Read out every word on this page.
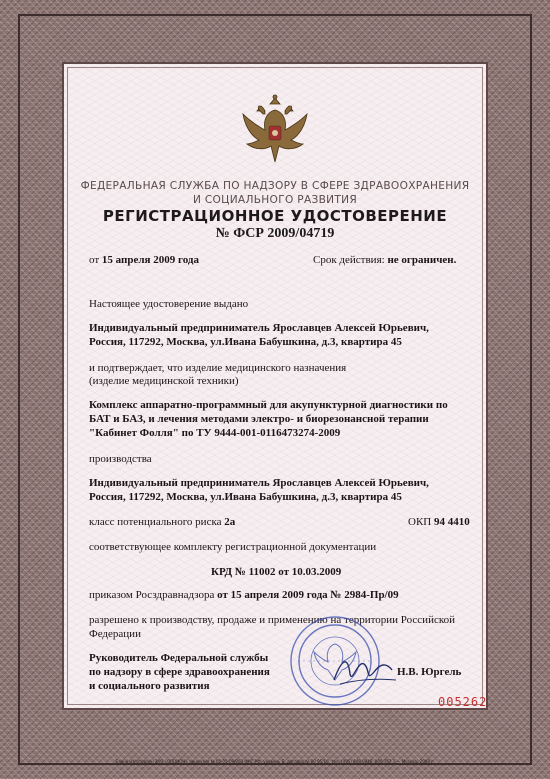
ФЕДЕРАЛЬНАЯ СЛУЖБА ПО НАДЗОРУ В СФЕРЕ ЗДРАВООХРАНЕНИЯ
И СОЦИАЛЬНОГО РАЗВИТИЯ
РЕГИСТРАЦИОННОЕ УДОСТОВЕРЕНИЕ
№ ФСР 2009/04719
от 15 апреля 2009 года	Срок действия: не ограничен.
Настоящее удостоверение выдано
Индивидуальный предприниматель Ярославцев Алексей Юрьевич,
Россия, 117292, Москва, ул.Ивана Бабушкина, д.3, квартира 45
и подтверждает, что изделие медицинского назначения
(изделие медицинской техники)
Комплекс аппаратно-программный для акупунктурной диагностики по
БАТ и БАЗ, и лечения методами электро- и биорезонансной терапии
"Кабинет Фолля" по ТУ 9444-001-0116473274-2009
производства
Индивидуальный предприниматель Ярославцев Алексей Юрьевич,
Россия, 117292, Москва, ул.Ивана Бабушкина, д.3, квартира 45
класс потенциального риска 2а	ОКП 94 4410
соответствующее комплекту регистрационной документации
КРД № 11002 от 10.03.2009
приказом Росздравнадзора от 15 апреля 2009 года № 2984-Пр/09
разрешено к производству, продаже и применению на территории Российской
Федерации
Руководитель Федеральной службы
по надзору в сфере здравоохранения
и социального развития
Н.В. Юргель
005262
Бланк изготовлен ЗАО «ОПЦИОН» лицензия № 05-05-09/003 ФНС РФ, уровень Б, договор № 00 05/10, тел. (495) 648-0848, 000 767 1 — Москва, 2008 г.
